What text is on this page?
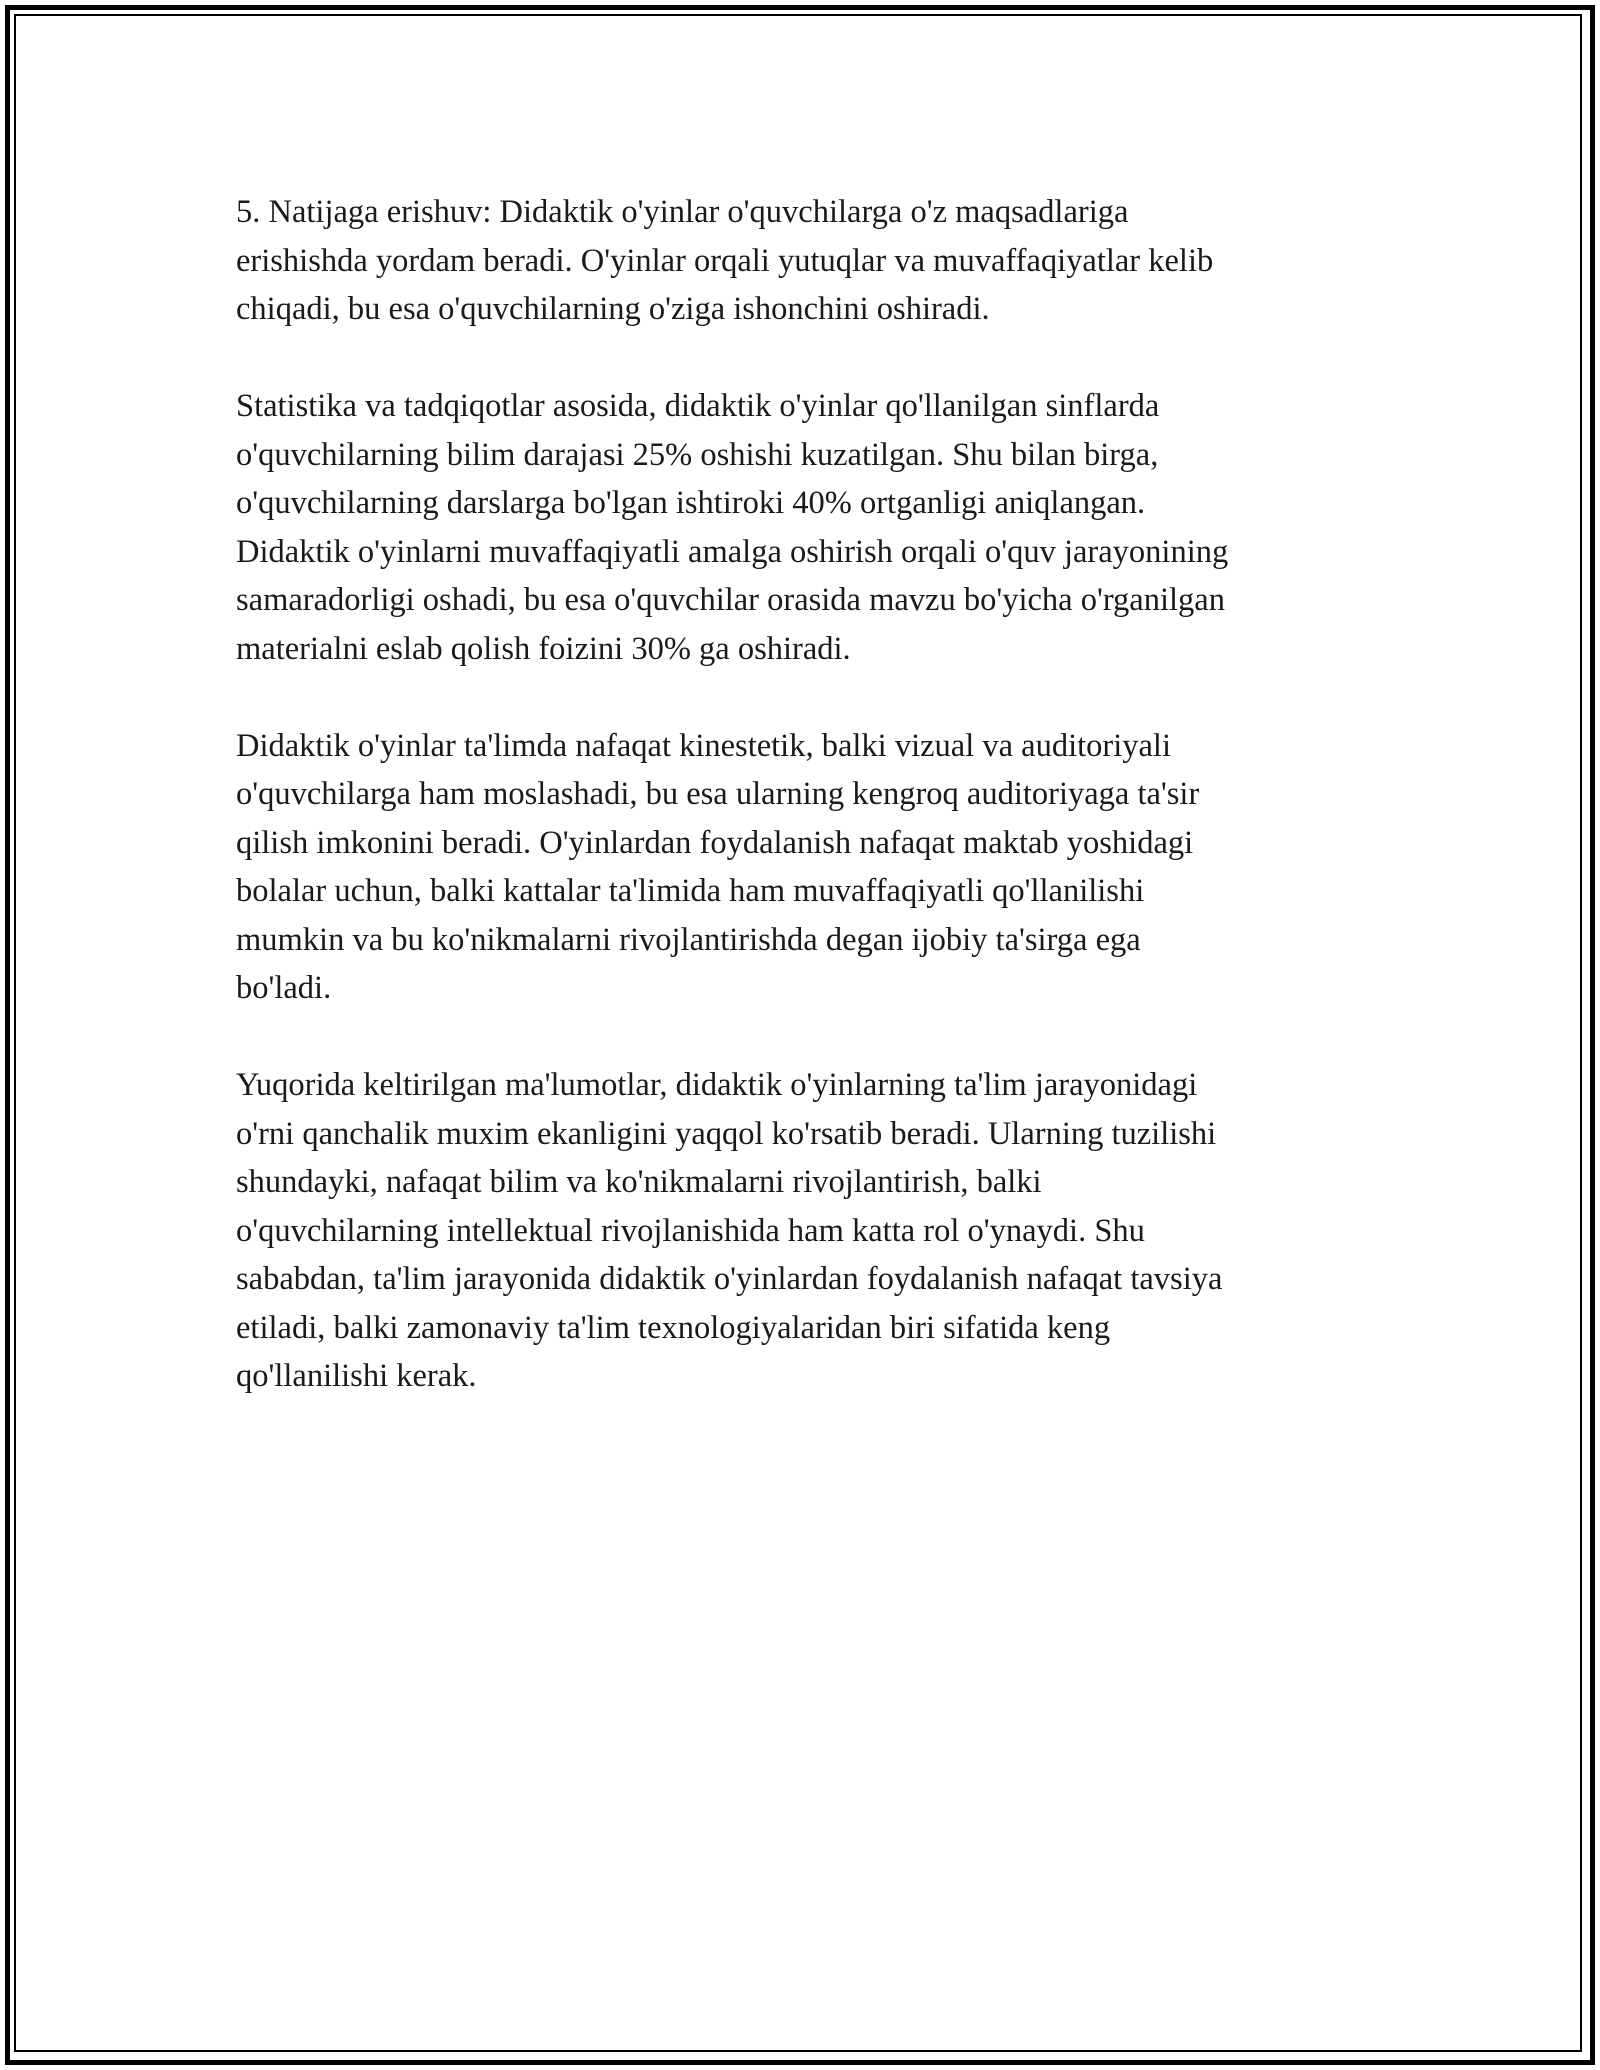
5. Natijaga erishuv: Didaktik o'yinlar o'quvchilarga o'z maqsadlariga
erishishda yordam beradi. O'yinlar orqali yutuqlar va muvaffaqiyatlar kelib
chiqadi, bu esa o'quvchilarning o'ziga ishonchini oshiradi.

Statistika va tadqiqotlar asosida, didaktik o'yinlar qo'llanilgan sinflarda
o'quvchilarning bilim darajasi 25% oshishi kuzatilgan. Shu bilan birga,
o'quvchilarning darslarga bo'lgan ishtiroki 40% ortganligi aniqlangan.
Didaktik o'yinlarni muvaffaqiyatli amalga oshirish orqali o'quv jarayonining
samaradorligi oshadi, bu esa o'quvchilar orasida mavzu bo'yicha o'rganilgan
materialni eslab qolish foizini 30% ga oshiradi.

Didaktik o'yinlar ta'limda nafaqat kinestetik, balki vizual va auditoriyali
o'quvchilarga ham moslashadi, bu esa ularning kengroq auditoriyaga ta'sir
qilish imkonini beradi. O'yinlardan foydalanish nafaqat maktab yoshidagi
bolalar uchun, balki kattalar ta'limida ham muvaffaqiyatli qo'llanilishi
mumkin va bu ko'nikmalarni rivojlantirishda degan ijobiy ta'sirga ega
bo'ladi.

Yuqorida keltirilgan ma'lumotlar, didaktik o'yinlarning ta'lim jarayonidagi
o'rni qanchalik muxim ekanligini yaqqol ko'rsatib beradi. Ularning tuzilishi
shundayki, nafaqat bilim va ko'nikmalarni rivojlantirish, balki
o'quvchilarning intellektual rivojlanishida ham katta rol o'ynaydi. Shu
sababdan, ta'lim jarayonida didaktik o'yinlardan foydalanish nafaqat tavsiya
etiladi, balki zamonaviy ta'lim texnologiyalaridan biri sifatida keng
qo'llanilishi kerak.
